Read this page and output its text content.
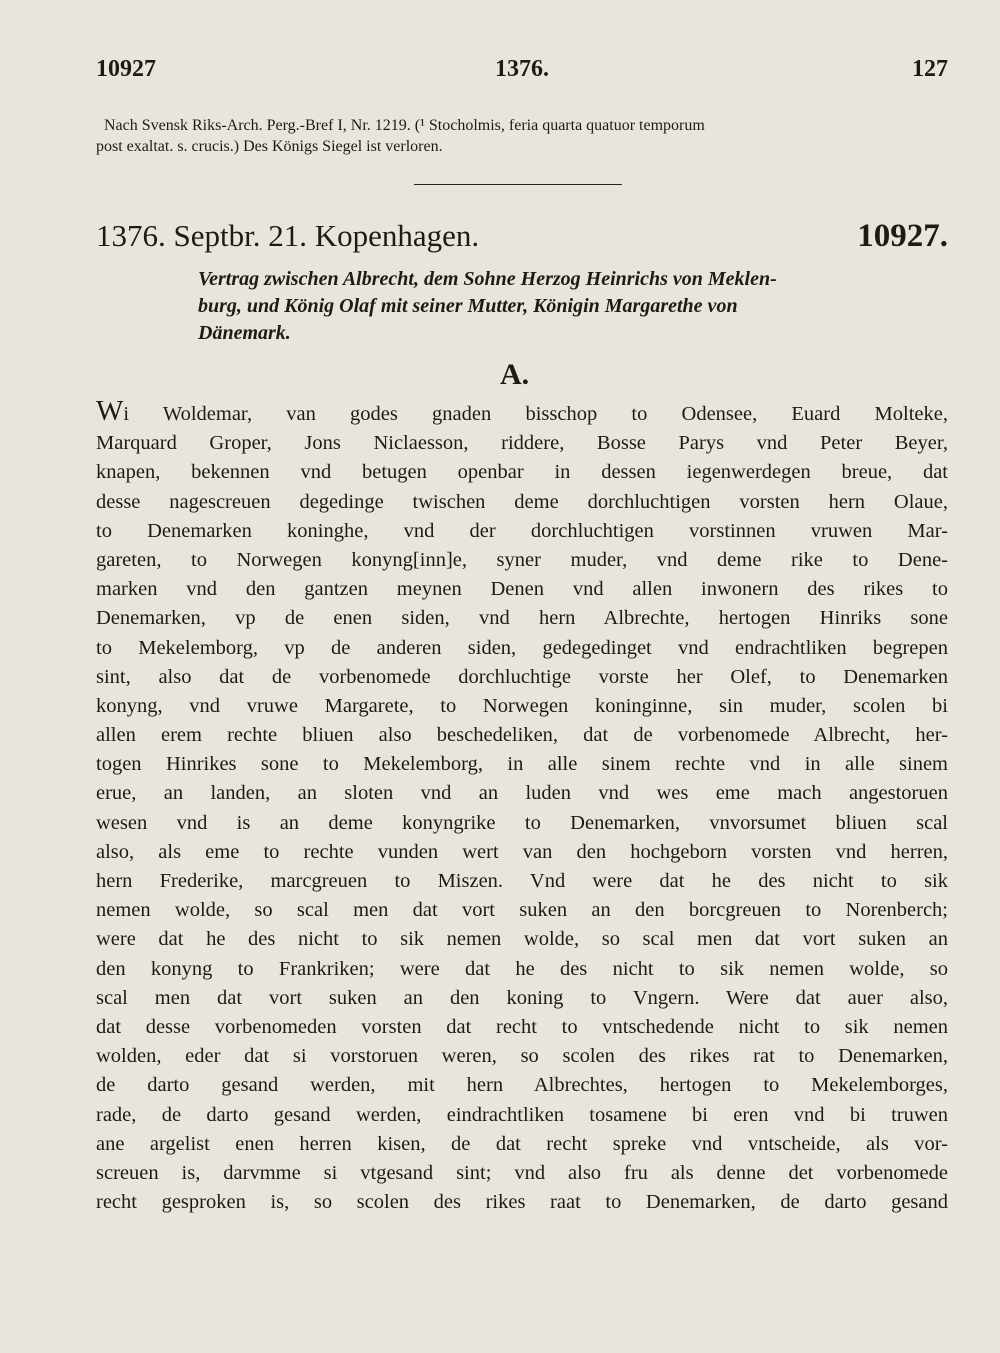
10927	1376.	127

Nach Svensk Riks-Arch. Perg.-Bref I, Nr. 1219. (¹ Stocholmis, feria quarta quatuor temporum

post exaltat. s. crucis.) Des Königs Siegel ist verloren.

1376. Septbr. 21. Kopenhagen.	10927.

Vertrag zwischen Albrecht, dem Sohne Herzog Heinrichs von Meklen-

burg, und König Olaf mit seiner Mutter, Königin Margarethe von

Dänemark.

A.
Wi Woldemar, van godes gnaden bisschop to Odensee, Euard Molteke,
Marquard Groper, Jons Niclaesson, riddere, Bosse Parys vnd Peter Beyer,
knapen, bekennen vnd betugen openbar in dessen iegenwerdegen breue, dat
desse nagescreuen degedinge twischen deme dorchluchtigen vorsten hern Olaue,
to Denemarken koninghe, vnd der dorchluchtigen vorstinnen vruwen Mar-
gareten, to Norwegen konyng[inn]e, syner muder, vnd deme rike to Dene-
marken vnd den gantzen meynen Denen vnd allen inwonern des rikes to
Denemarken, vp de enen siden, vnd hern Albrechte, hertogen Hinriks sone
to Mekelemborg, vp de anderen siden, gedegedinget vnd endrachtliken begrepen
sint, also dat de vorbenomede dorchluchtige vorste her Olef, to Denemarken
konyng, vnd vruwe Margarete, to Norwegen koninginne, sin muder, scolen bi
allen erem rechte bliuen also beschedeliken, dat de vorbenomede Albrecht, her-
togen Hinrikes sone to Mekelemborg, in alle sinem rechte vnd in alle sinem
erue, an landen, an sloten vnd an luden vnd wes eme mach angestoruen
wesen vnd is an deme konyngrike to Denemarken, vnvorsumet bliuen scal
also, als eme to rechte vunden wert van den hochgeborn vorsten vnd herren,
hern Frederike, marcgreuen to Miszen. Vnd were dat he des nicht to sik
nemen wolde, so scal men dat vort suken an den borcgreuen to Norenberch;
were dat he des nicht to sik nemen wolde, so scal men dat vort suken an
den konyng to Frankriken; were dat he des nicht to sik nemen wolde, so
scal men dat vort suken an den koning to Vngern. Were dat auer also,
dat desse vorbenomeden vorsten dat recht to vntschedende nicht to sik nemen
wolden, eder dat si vorstoruen weren, so scolen des rikes rat to Denemarken,
de darto gesand werden, mit hern Albrechtes, hertogen to Mekelemborges,
rade, de darto gesand werden, eindrachtliken tosamene bi eren vnd bi truwen
ane argelist enen herren kisen, de dat recht spreke vnd vntscheide, als vor-
screuen is, darvmme si vtgesand sint; vnd also fru als denne det vorbenomede
recht gesproken is, so scolen des rikes raat to Denemarken, de darto gesand
